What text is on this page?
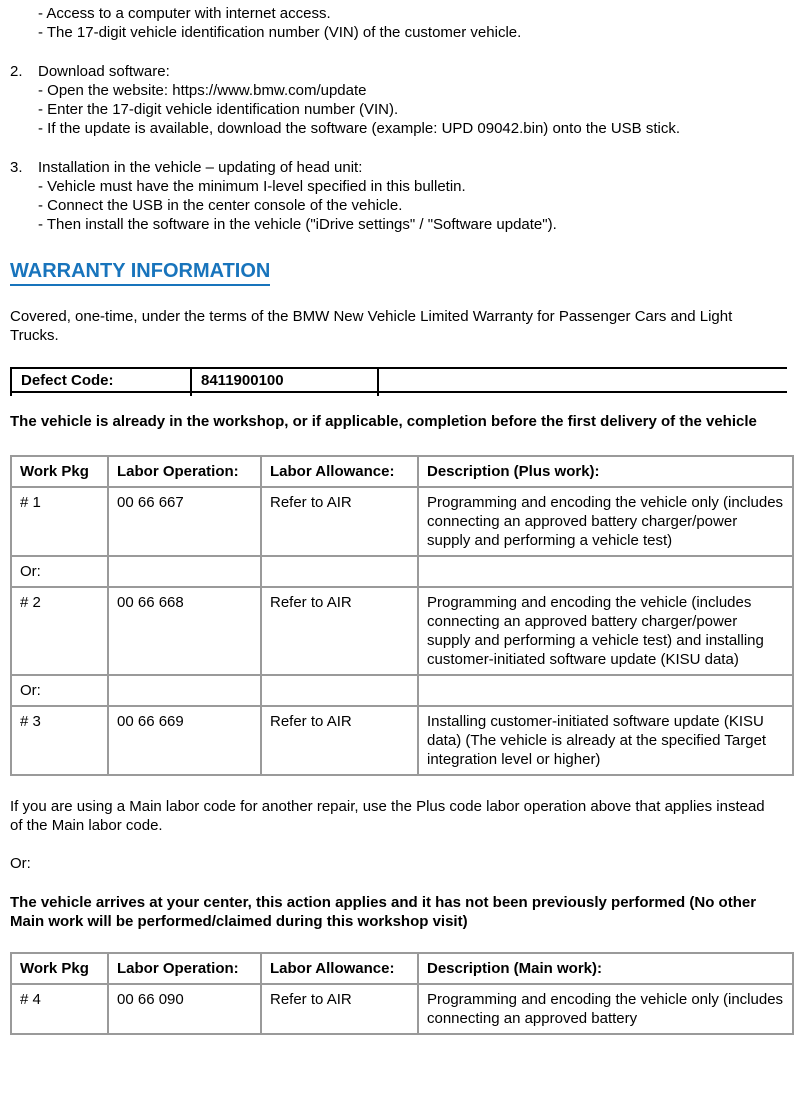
- Access to a computer with internet access.
- The 17-digit vehicle identification number (VIN) of the customer vehicle.
2.	Download software:
- Open the website: https://www.bmw.com/update
- Enter the 17-digit vehicle identification number (VIN).
- If the update is available, download the software (example: UPD 09042.bin) onto the USB stick.
3.	Installation in the vehicle – updating of head unit:
- Vehicle must have the minimum I-level specified in this bulletin.
- Connect the USB in the center console of the vehicle.
- Then install the software in the vehicle ("iDrive settings" / "Software update").
WARRANTY INFORMATION

Covered, one-time, under the terms of the BMW New Vehicle Limited Warranty for Passenger Cars and Light Trucks.

Defect Code:	8411900100	

The vehicle is already in the workshop, or if applicable, completion before the first delivery of the vehicle

Work Pkg	Labor Operation:	Labor Allowance:	Description (Plus work):
# 1	00 66 667	Refer to AIR	Programming and encoding the vehicle only (includes connecting an approved battery charger/power supply and performing a vehicle test)
Or:			
# 2	00 66 668	Refer to AIR	Programming and encoding the vehicle (includes connecting an approved battery charger/power supply and performing a vehicle test) and installing customer-initiated software update (KISU data)
Or:			
# 3	00 66 669	Refer to AIR	Installing customer-initiated software update (KISU data) (The vehicle is already at the specified Target integration level or higher)

If you are using a Main labor code for another repair, use the Plus code labor operation above that applies instead of the Main labor code.

Or:

The vehicle arrives at your center, this action applies and it has not been previously performed (No other Main work will be performed/claimed during this workshop visit)

Work Pkg	Labor Operation:	Labor Allowance:	Description (Main work):
# 4	00 66 090	Refer to AIR	Programming and encoding the vehicle only (includes connecting an approved battery
